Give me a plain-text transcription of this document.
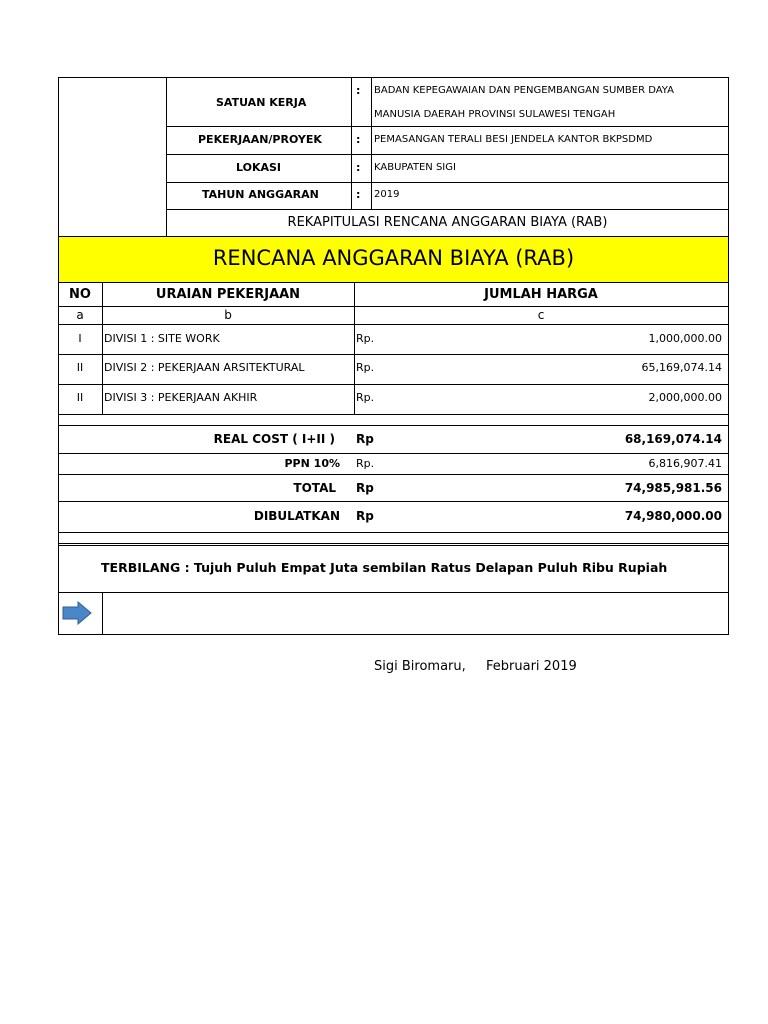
SATUAN KERJA
: BADAN KEPEGAWAIAN DAN PENGEMBANGAN SUMBER DAYA
MANUSIA DAERAH PROVINSI SULAWESI TENGAH
PEKERJAAN/PROYEK	: PEMASANGAN TERALI BESI JENDELA KANTOR BKPSDMD
LOKASI	: KABUPATEN SIGI
TAHUN ANGGARAN	: 2019
REKAPITULASI RENCANA ANGGARAN BIAYA (RAB)
RENCANA ANGGARAN BIAYA (RAB)
NO	URAIAN PEKERJAAN	JUMLAH HARGA
a	b	c
I	DIVISI 1 : SITE WORK	Rp.	1,000,000.00
II	DIVISI 2 : PEKERJAAN ARSITEKTURAL	Rp.	65,169,074.14
II	DIVISI 3 : PEKERJAAN AKHIR	Rp.	2,000,000.00
REAL COST ( I+II ) Rp	68,169,074.14
PPN 10% Rp.	6,816,907.41
TOTAL Rp	74,985,981.56
DIBULATKAN Rp	74,980,000.00
TERBILANG : Tujuh Puluh Empat Juta sembilan Ratus Delapan Puluh Ribu Rupiah
Sigi Biromaru, Februari 2019
